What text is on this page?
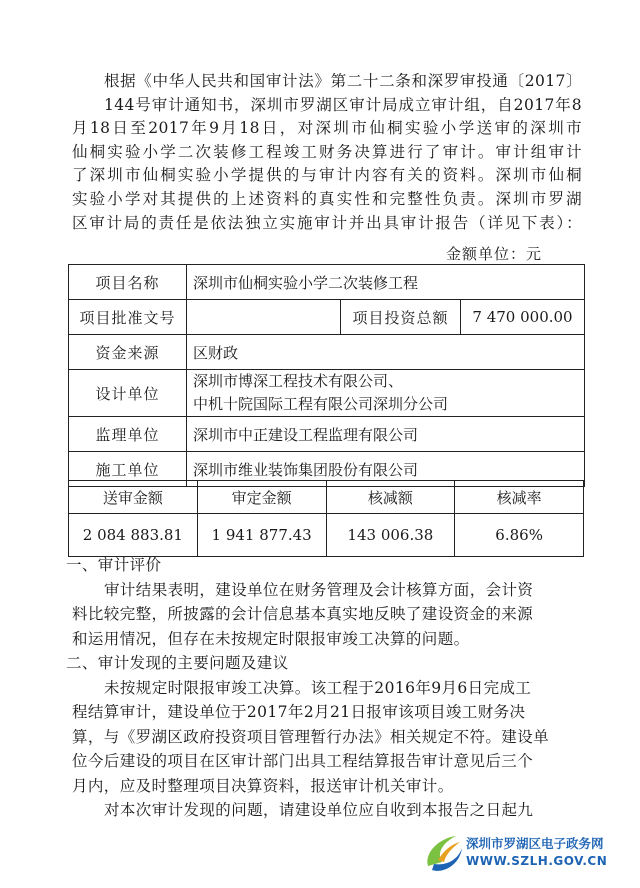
根据《中华人民共和国审计法》第二十二条和深罗审投通〔2017〕
144号审计通知书，深圳市罗湖区审计局成立审计组，自2017年8
月18日至2017年9月18日，对深圳市仙桐实验小学送审的深圳市
仙桐实验小学二次装修工程竣工财务决算进行了审计。审计组审计
了深圳市仙桐实验小学提供的与审计内容有关的资料。深圳市仙桐
实验小学对其提供的上述资料的真实性和完整性负责。深圳市罗湖
区审计局的责任是依法独立实施审计并出具审计报告（详见下表）：
金额单位：元
项目名称	深圳市仙桐实验小学二次装修工程		
项目批准文号		项目投资总额	7 470 000.00
资金来源	区财政		
设计单位	深圳市博深工程技术有限公司、
中机十院国际工程有限公司深圳分公司		

监理单位	深圳市中正建设工程监理有限公司		
施工单位	深圳市维业装饰集团股份有限公司		
送审金额	审定金额	核减额	核减率
2 084 883.81	1 941 877.43	143 006.38	6.86%
一、审计评价
审计结果表明，建设单位在财务管理及会计核算方面，会计资
料比较完整，所披露的会计信息基本真实地反映了建设资金的来源
和运用情况，但存在未按规定时限报审竣工决算的问题。
二、审计发现的主要问题及建议
未按规定时限报审竣工决算。该工程于2016年9月6日完成工
程结算审计，建设单位于2017年2月21日报审该项目竣工财务决
算，与《罗湖区政府投资项目管理暂行办法》相关规定不符。建设单
位今后建设的项目在区审计部门出具工程结算报告审计意见后三个
月内，应及时整理项目决算资料，报送审计机关审计。
对本次审计发现的问题，请建设单位应自收到本报告之日起九
深圳市罗湖区电子政务网
WWW.SZLH.GOV.CN
